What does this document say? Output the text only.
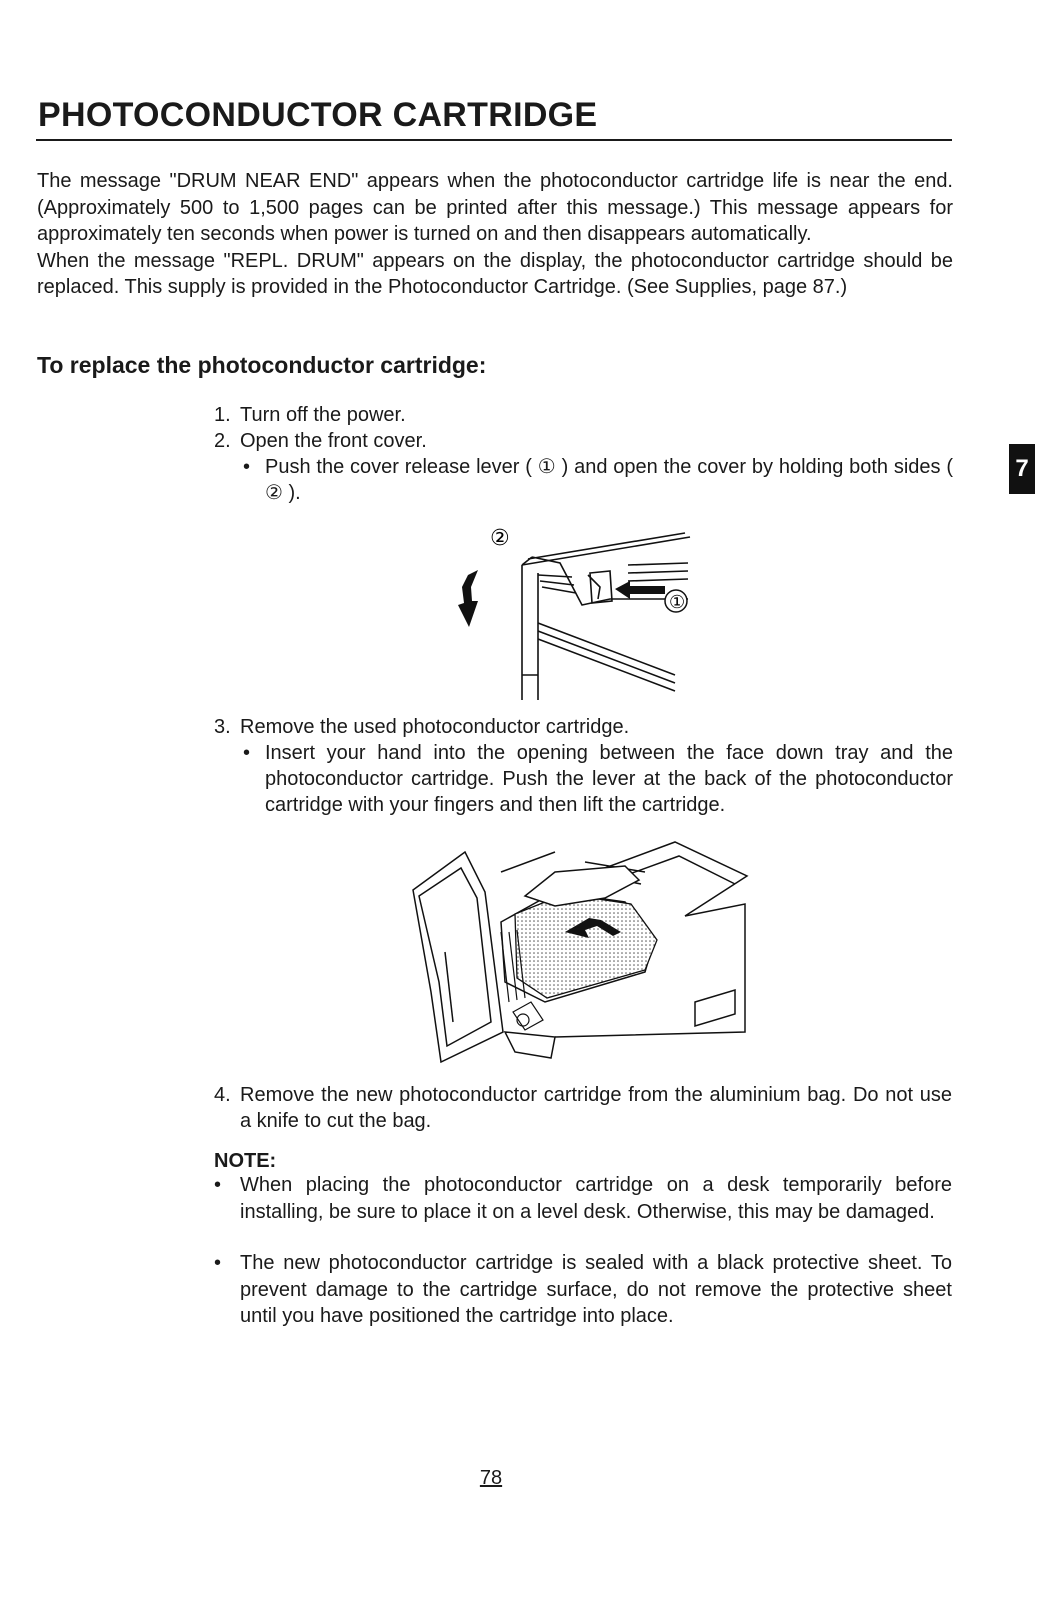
PHOTOCONDUCTOR CARTRIDGE

The message "DRUM NEAR END" appears when the photoconductor cartridge life is near the end. (Approximately 500 to 1,500 pages can be printed after this message.) This message appears for approximately ten seconds when power is turned on and then disappears automatically.

When the message "REPL. DRUM" appears on the display, the photoconductor cartridge should be replaced. This supply is provided in the Photoconductor Cartridge. (See Supplies, page 87.)

To replace the photoconductor cartridge:
1. Turn off the power.
2. Open the front cover.
• Push the cover release lever ( ① ) and open the cover by holding both sides ( ② ).
7
②
①
3. Remove the used photoconductor cartridge.
• Insert your hand into the opening between the face down tray and the photoconductor cartridge. Push the lever at the back of the photoconductor cartridge with your fingers and then lift the cartridge.
4. Remove the new photoconductor cartridge from the aluminium bag. Do not use a knife to cut the bag.
NOTE:
• When placing the photoconductor cartridge on a desk temporarily before installing, be sure to place it on a level desk. Otherwise, this may be damaged.
• The new photoconductor cartridge is sealed with a black protective sheet. To prevent damage to the cartridge surface, do not remove the protective sheet until you have positioned the cartridge into place.
78
